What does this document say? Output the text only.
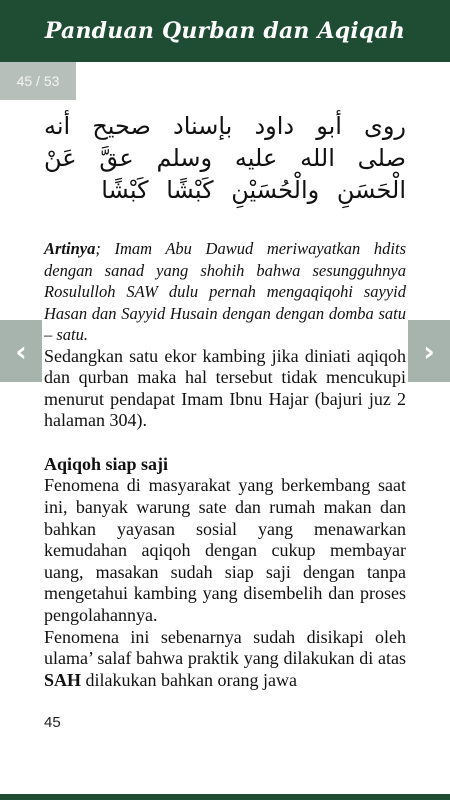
Panduan Qurban dan Aqiqah
45 / 53
روى أبو داود بإسناد صحيح أنه صلى الله عليه وسلم عقَّ عَنْ الْحَسَنِ والْحُسَيْنِ كَبْشًا كَبْشًا

Artinya; Imam Abu Dawud meriwayatkan hdits dengan sanad yang shohih bahwa sesungguhnya Rosululloh SAW dulu pernah mengaqiqohi sayyid Hasan dan Sayyid Husain dengan dengan domba satu – satu.

Sedangkan satu ekor kambing jika diniati aqiqoh dan qurban maka hal tersebut tidak mencukupi menurut pendapat Imam Ibnu Hajar (bajuri juz 2 halaman 304).

Aqiqoh siap saji

Fenomena di masyarakat yang berkembang saat ini, banyak warung sate dan rumah makan dan bahkan yayasan sosial yang menawarkan kemudahan aqiqoh dengan cukup membayar uang, masakan sudah siap saji dengan tanpa mengetahui kambing yang disembelih dan proses pengolahannya.

Fenomena ini sebenarnya sudah disikapi oleh ulama’ salaf bahwa praktik yang dilakukan di atas SAH dilakukan bahkan orang jawa

45
‹	›
